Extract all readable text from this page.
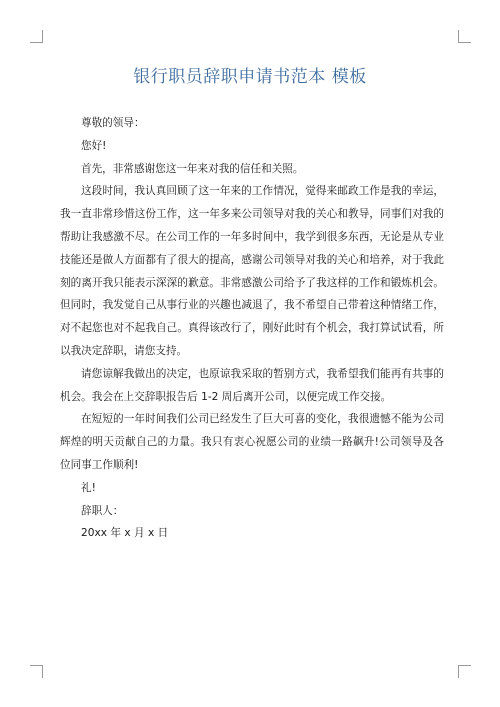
银行职员辞职申请书范本 模板

尊敬的领导：

您好!

首先，非常感谢您这一年来对我的信任和关照。

这段时间，我认真回顾了这一年来的工作情况，觉得来邮政工作是我的幸运，我一直非常珍惜这份工作，这一年多来公司领导对我的关心和教导，同事们对我的帮助让我感激不尽。在公司工作的一年多时间中，我学到很多东西，无论是从专业技能还是做人方面都有了很大的提高，感谢公司领导对我的关心和培养，对于我此刻的离开我只能表示深深的歉意。非常感激公司给予了我这样的工作和锻炼机会。但同时，我发觉自己从事行业的兴趣也减退了，我不希望自己带着这种情绪工作，对不起您也对不起我自己。真得该改行了，刚好此时有个机会，我打算试试看，所以我决定辞职，请您支持。

请您谅解我做出的决定，也原谅我采取的暂别方式，我希望我们能再有共事的机会。我会在上交辞职报告后 1-2 周后离开公司，以便完成工作交接。

在短短的一年时间我们公司已经发生了巨大可喜的变化，我很遗憾不能为公司辉煌的明天贡献自己的力量。我只有衷心祝愿公司的业绩一路飙升!公司领导及各位同事工作顺利!

礼!

辞职人：

20xx 年 x 月 x 日
